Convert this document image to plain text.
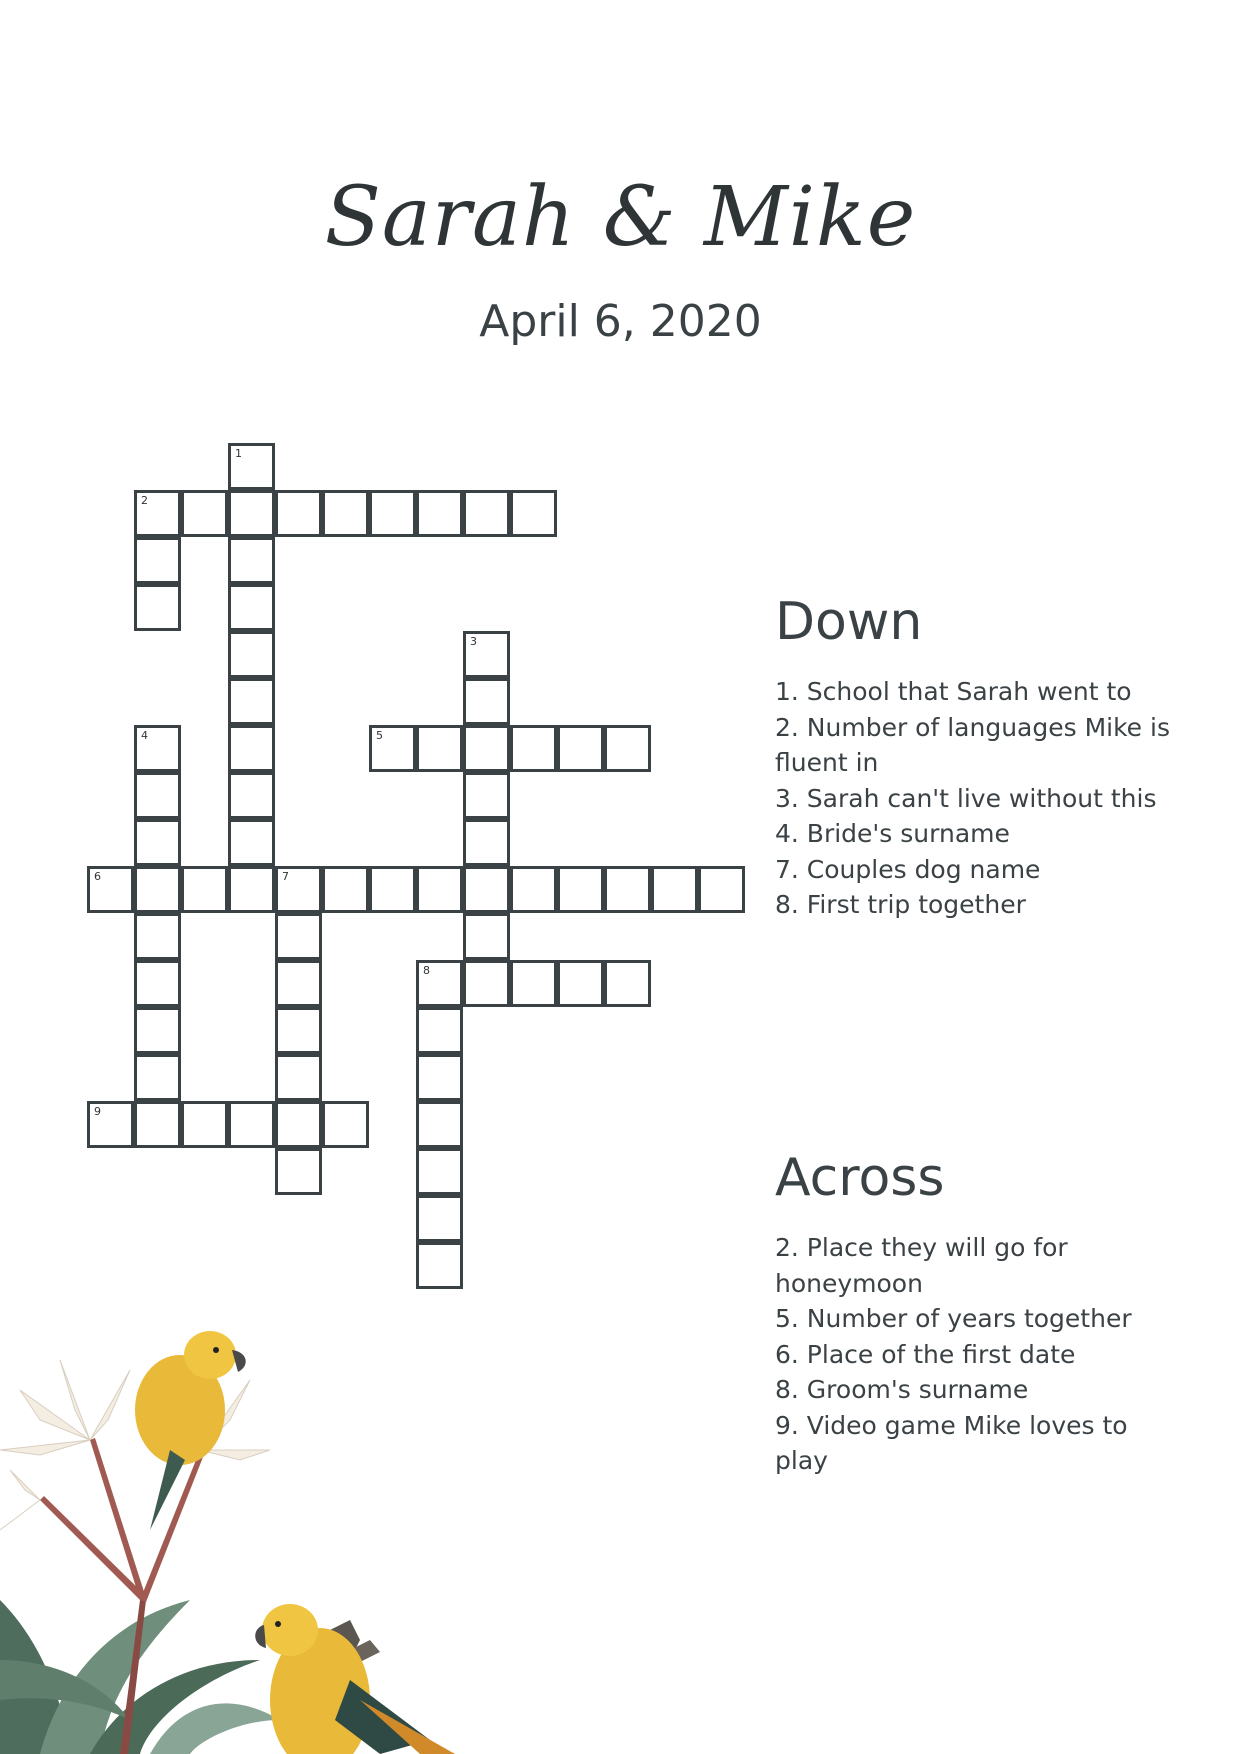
Sarah & Mike
April 6, 2020
1
2
3
4	5
6	7
8
9
Down
1. School that Sarah went to
2. Number of languages Mike is fluent in
3. Sarah can't live without this
4. Bride's surname
7. Couples dog name
8. First trip together
Across
2. Place they will go for honeymoon
5. Number of years together
6. Place of the first date
8. Groom's surname
9. Video game Mike loves to play
